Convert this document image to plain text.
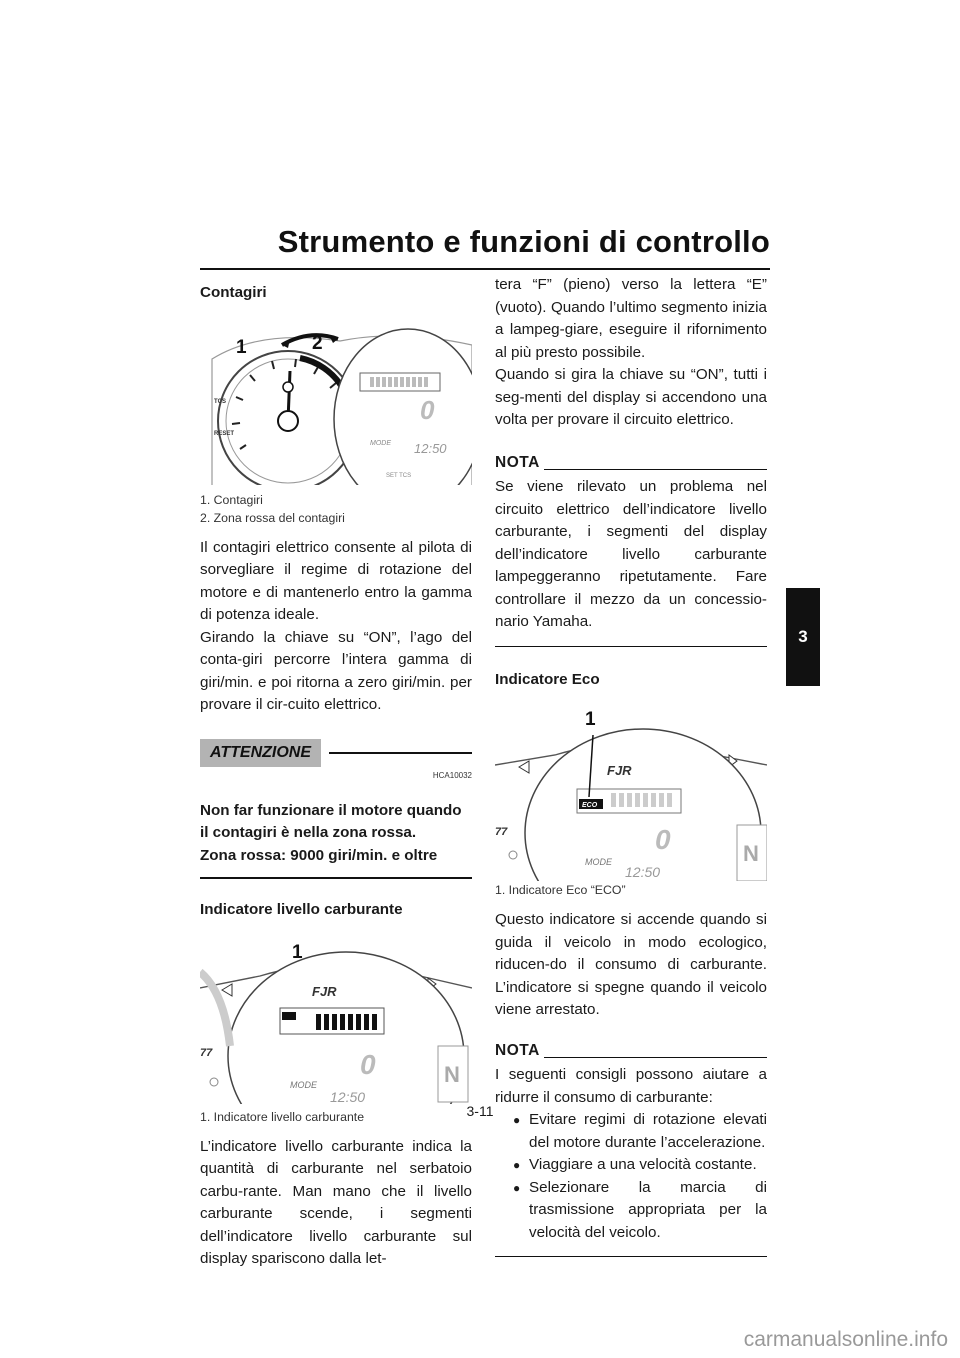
Strumento e funzioni di controllo
3
Contagiri
TCS
RESET
0
MODE 12:50
SET TCS
1	2
1. Contagiri
2. Zona rossa del contagiri

Il contagiri elettrico consente al pilota di sorvegliare il regime di rotazione del motore e di mantenerlo entro la gamma di potenza ideale.

Girando la chiave su “ON”, l’ago del conta-giri percorre l’intera gamma di giri/min. e poi ritorna a zero giri/min. per provare il cir-cuito elettrico.

ATTENZIONE
HCA10032
Non far funzionare il motore quando il contagiri è nella zona rossa.
Zona rossa: 9000 giri/min. e oltre
Indicatore livello carburante
FJR
0
MODE
12:50
77
N
1
1. Indicatore livello carburante

L’indicatore livello carburante indica la quantità di carburante nel serbatoio carbu-rante. Man mano che il livello carburante scende, i segmenti dell’indicatore livello carburante sul display spariscono dalla let-

tera “F” (pieno) verso la lettera “E” (vuoto). Quando l’ultimo segmento inizia a lampeg-giare, eseguire il rifornimento al più presto possibile.

Quando si gira la chiave su “ON”, tutti i seg-menti del display si accendono una volta per provare il circuito elettrico.

NOTA

Se viene rilevato un problema nel circuito elettrico dell’indicatore livello carburante, i segmenti del display dell’indicatore livello carburante lampeggeranno ripetutamente. Fare controllare il mezzo da un concessio-nario Yamaha.

Indicatore Eco
FJR
ECO
0
MODE
12:50
77
N
1
1. Indicatore Eco “ECO”

Questo indicatore si accende quando si guida il veicolo in modo ecologico, riducen-do il consumo di carburante. L’indicatore si spegne quando il veicolo viene arrestato.

NOTA

I seguenti consigli possono aiutare a ridurre il consumo di carburante:

● Evitare regimi di rotazione elevati del motore durante l’accelerazione.
● Viaggiare a una velocità costante.
● Selezionare la marcia di trasmissione appropriata per la velocità del veicolo.
3-11
carmanualsonline.info
